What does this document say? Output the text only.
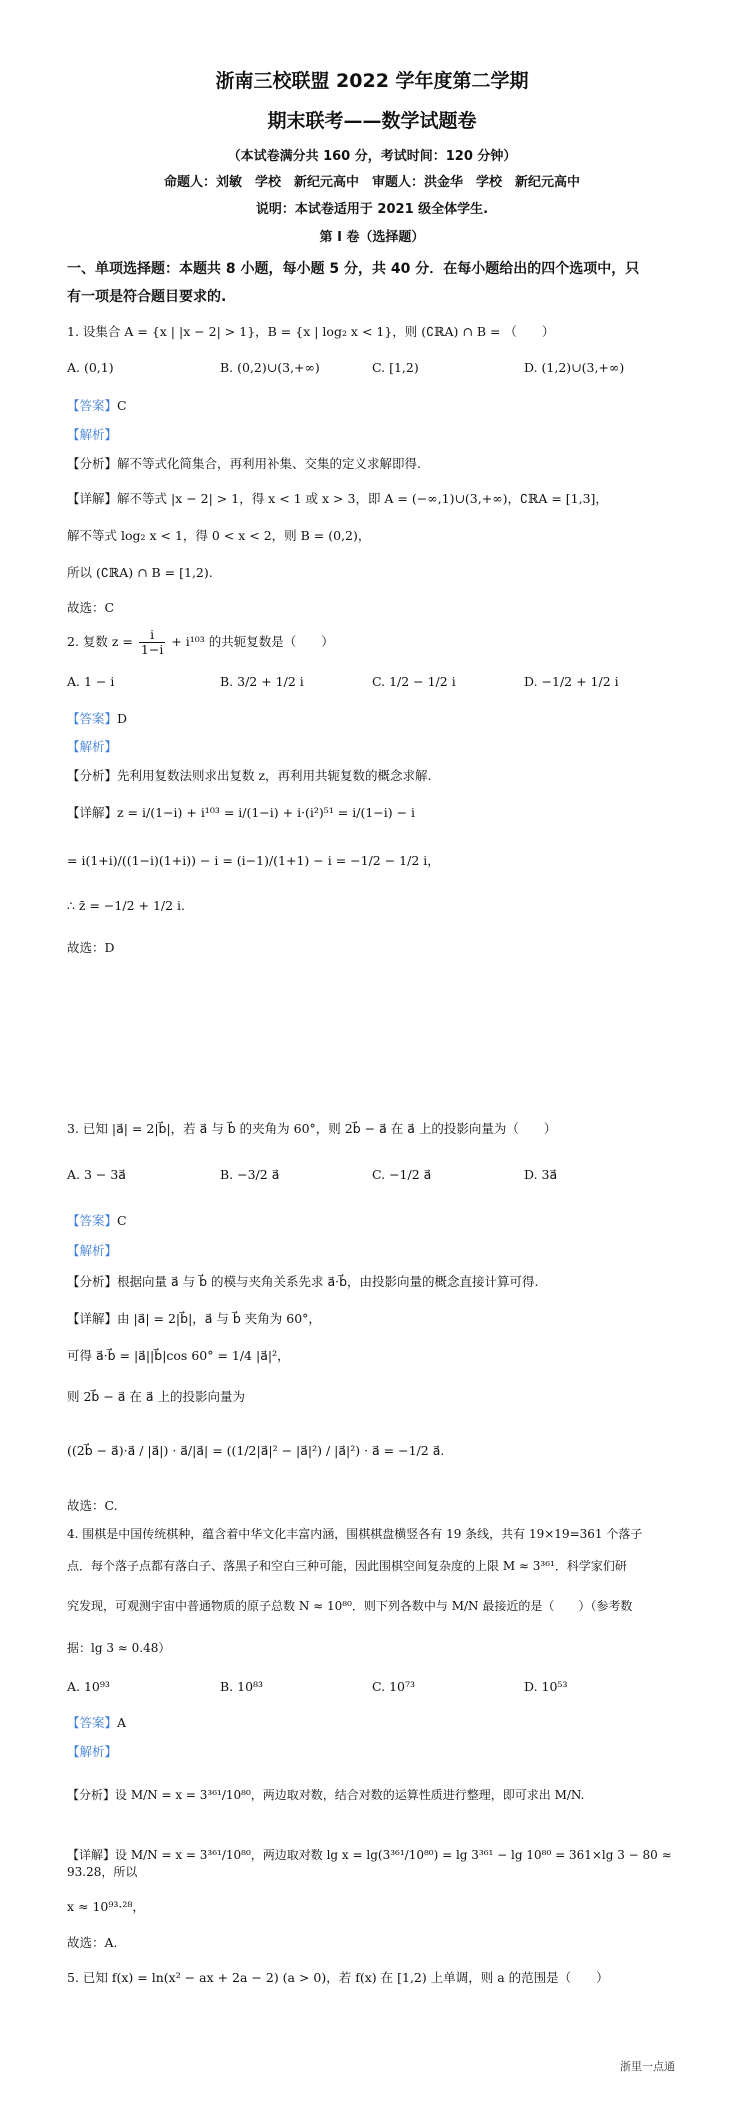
浙南三校联盟 2022 学年度第二学期
期末联考——数学试题卷
（本试卷满分共 160 分，考试时间：120 分钟）
命题人：刘敏　学校　新纪元高中　审题人：洪金华　学校　新纪元高中
说明：本试卷适用于 2021 级全体学生.
第 I 卷（选择题）
一、单项选择题：本题共 8 小题，每小题 5 分，共 40 分．在每小题给出的四个选项中，只
有一项是符合题目要求的.
1. 设集合 A = {x | |x − 2| > 1}，B = {x | log₂ x < 1}，则 (∁ℝA) ∩ B = （　　）
A. (0,1)	B. (0,2)∪(3,+∞)	C. [1,2)	D. (1,2)∪(3,+∞)
【答案】C
【解析】
【分析】解不等式化简集合，再利用补集、交集的定义求解即得.
【详解】解不等式 |x − 2| > 1，得 x < 1 或 x > 3，即 A = (−∞,1)∪(3,+∞)，∁ℝA = [1,3]，
解不等式 log₂ x < 1，得 0 < x < 2，则 B = (0,2)，
所以 (∁ℝA) ∩ B = [1,2).
故选：C
2. 复数 $z = \frac{i}{1-i} + i^{103}$ 的共轭复数是（　　）
A. 1 − i	B. 3/2 + 1/2 i	C. 1/2 − 1/2 i	D. −1/2 + 1/2 i
【答案】D
【解析】
【分析】先利用复数法则求出复数 z，再利用共轭复数的概念求解.
【详解】z = i/(1−i) + i¹⁰³ = i/(1−i) + i·(i²)⁵¹ = i/(1−i) − i
= i(1+i)/((1−i)(1+i)) − i = (i−1)/(1+1) − i = −1/2 − 1/2 i，
∴ z̄ = −1/2 + 1/2 i.
故选：D
3. 已知 |a⃗| = 2|b⃗|，若 a⃗ 与 b⃗ 的夹角为 60°，则 2b⃗ − a⃗ 在 a⃗ 上的投影向量为（　　）
A. 3 − 3a⃗	B. −3/2 a⃗	C. −1/2 a⃗	D. 3a⃗
【答案】C
【解析】
【分析】根据向量 a⃗ 与 b⃗ 的模与夹角关系先求 a⃗·b⃗，由投影向量的概念直接计算可得.
【详解】由 |a⃗| = 2|b⃗|，a⃗ 与 b⃗ 夹角为 60°，
可得 a⃗·b⃗ = |a⃗||b⃗|cos 60° = 1/4 |a⃗|²，
则 2b⃗ − a⃗ 在 a⃗ 上的投影向量为
((2b⃗ − a⃗)·a⃗ / |a⃗|) · a⃗/|a⃗| = ((1/2|a⃗|² − |a⃗|²) / |a⃗|²) · a⃗ = −1/2 a⃗.
故选：C.
4. 围棋是中国传统棋种，蕴含着中华文化丰富内涵，围棋棋盘横竖各有 19 条线，共有 19×19=361 个落子
点．每个落子点都有落白子、落黑子和空白三种可能，因此围棋空间复杂度的上限 M ≈ 3³⁶¹．科学家们研
究发现，可观测宇宙中普通物质的原子总数 N ≈ 10⁸⁰．则下列各数中与 M/N 最接近的是（　　）（参考数
据：lg 3 ≈ 0.48）
A. 10⁹³	B. 10⁸³	C. 10⁷³	D. 10⁵³
【答案】A
【解析】
【分析】设 M/N = x = 3³⁶¹/10⁸⁰，两边取对数，结合对数的运算性质进行整理，即可求出 M/N.
【详解】设 M/N = x = 3³⁶¹/10⁸⁰，两边取对数 lg x = lg(3³⁶¹/10⁸⁰) = lg 3³⁶¹ − lg 10⁸⁰ = 361×lg 3 − 80 ≈ 93.28，所以
x ≈ 10⁹³·²⁸，
故选：A.
5. 已知 f(x) = ln(x² − ax + 2a − 2) (a > 0)，若 f(x) 在 [1,2) 上单调，则 a 的范围是（　　）
浙里一点通
